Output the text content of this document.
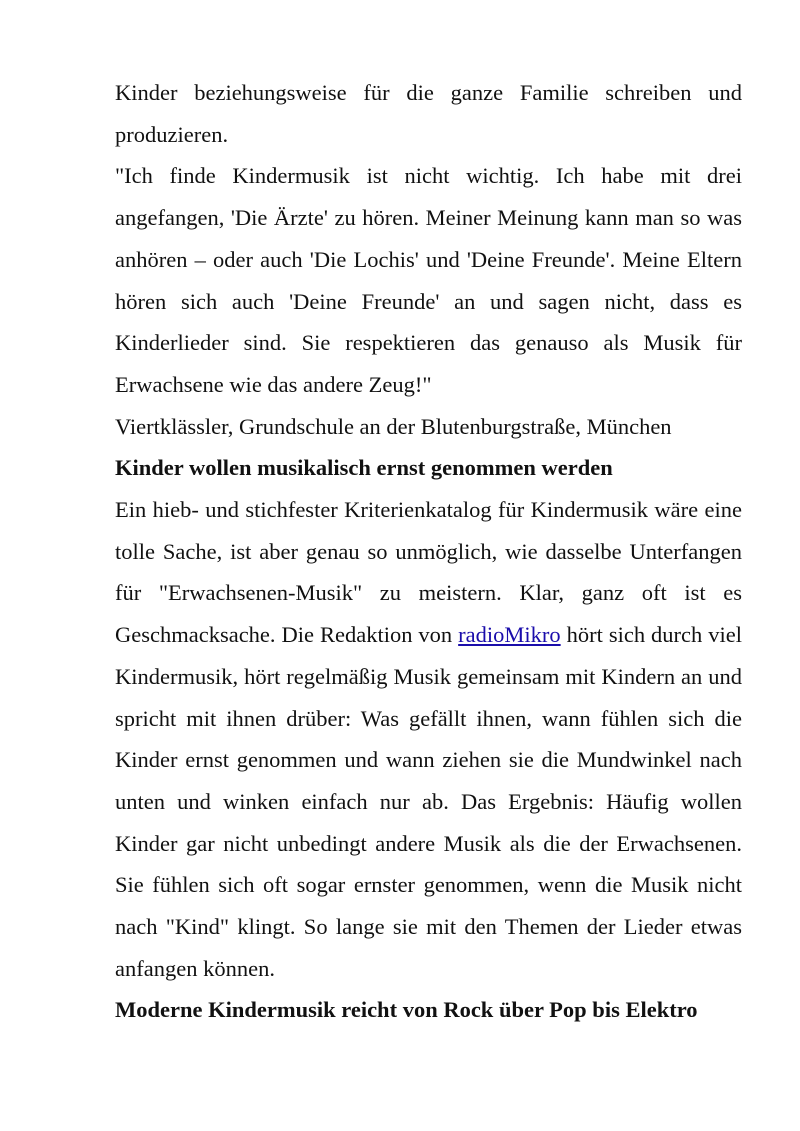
Kinder beziehungsweise für die ganze Familie schreiben und produzieren.

"Ich finde Kindermusik ist nicht wichtig. Ich habe mit drei angefangen, 'Die Ärzte' zu hören. Meiner Meinung kann man so was anhören – oder auch 'Die Lochis' und 'Deine Freunde'. Meine Eltern hören sich auch 'Deine Freunde' an und sagen nicht, dass es Kinderlieder sind. Sie respektieren das genauso als Musik für Erwachsene wie das andere Zeug!"

Viertklässler, Grundschule an der Blutenburgstraße, München

Kinder wollen musikalisch ernst genommen werden

Ein hieb- und stichfester Kriterienkatalog für Kindermusik wäre eine tolle Sache, ist aber genau so unmöglich, wie dasselbe Unterfangen für "Erwachsenen-Musik" zu meistern. Klar, ganz oft ist es Geschmacksache. Die Redaktion von radioMikro hört sich durch viel Kindermusik, hört regelmäßig Musik gemeinsam mit Kindern an und spricht mit ihnen drüber: Was gefällt ihnen, wann fühlen sich die Kinder ernst genommen und wann ziehen sie die Mundwinkel nach unten und winken einfach nur ab. Das Ergebnis: Häufig wollen Kinder gar nicht unbedingt andere Musik als die der Erwachsenen. Sie fühlen sich oft sogar ernster genommen, wenn die Musik nicht nach "Kind" klingt. So lange sie mit den Themen der Lieder etwas anfangen können.

Moderne Kindermusik reicht von Rock über Pop bis Elektro
